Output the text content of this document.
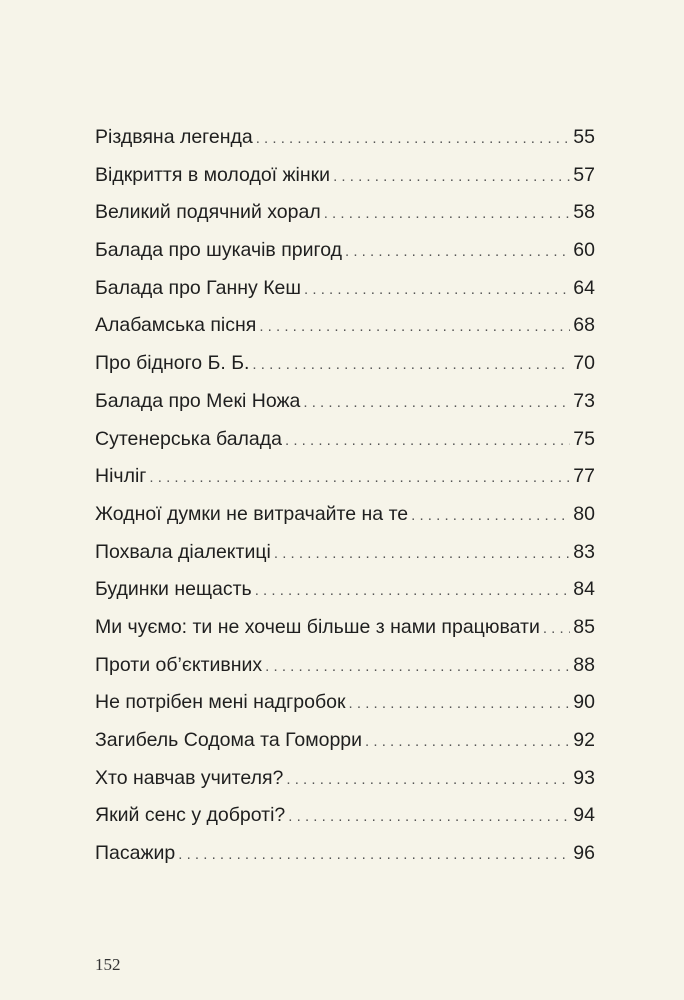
Різдвяна легенда . . .	55
Відкриття в молодої жінки . . .	57
Великий подячний хорал . . .	58
Балада про шукачів пригод . . .	60
Балада про Ганну Кеш . . .	64
Алабамська пісня . . .	68
Про бідного Б. Б. . . .	70
Балада про Мекі Ножа . . .	73
Сутенерська балада . . .	75
Нічліг . . .	77
Жодної думки не витрачайте на те . . .	80
Похвала діалектиці . . .	83
Будинки нещасть . . .	84
Ми чуємо: ти не хочеш більше з нами працювати . . . 85
Проти об’єктивних . . .	88
Не потрібен мені надгробок . . .	90
Загибель Содома та Гоморри . . .	92
Хто навчав учителя? . . .	93
Який сенс у доброті? . . .	94
Пасажир . . .	96
152
